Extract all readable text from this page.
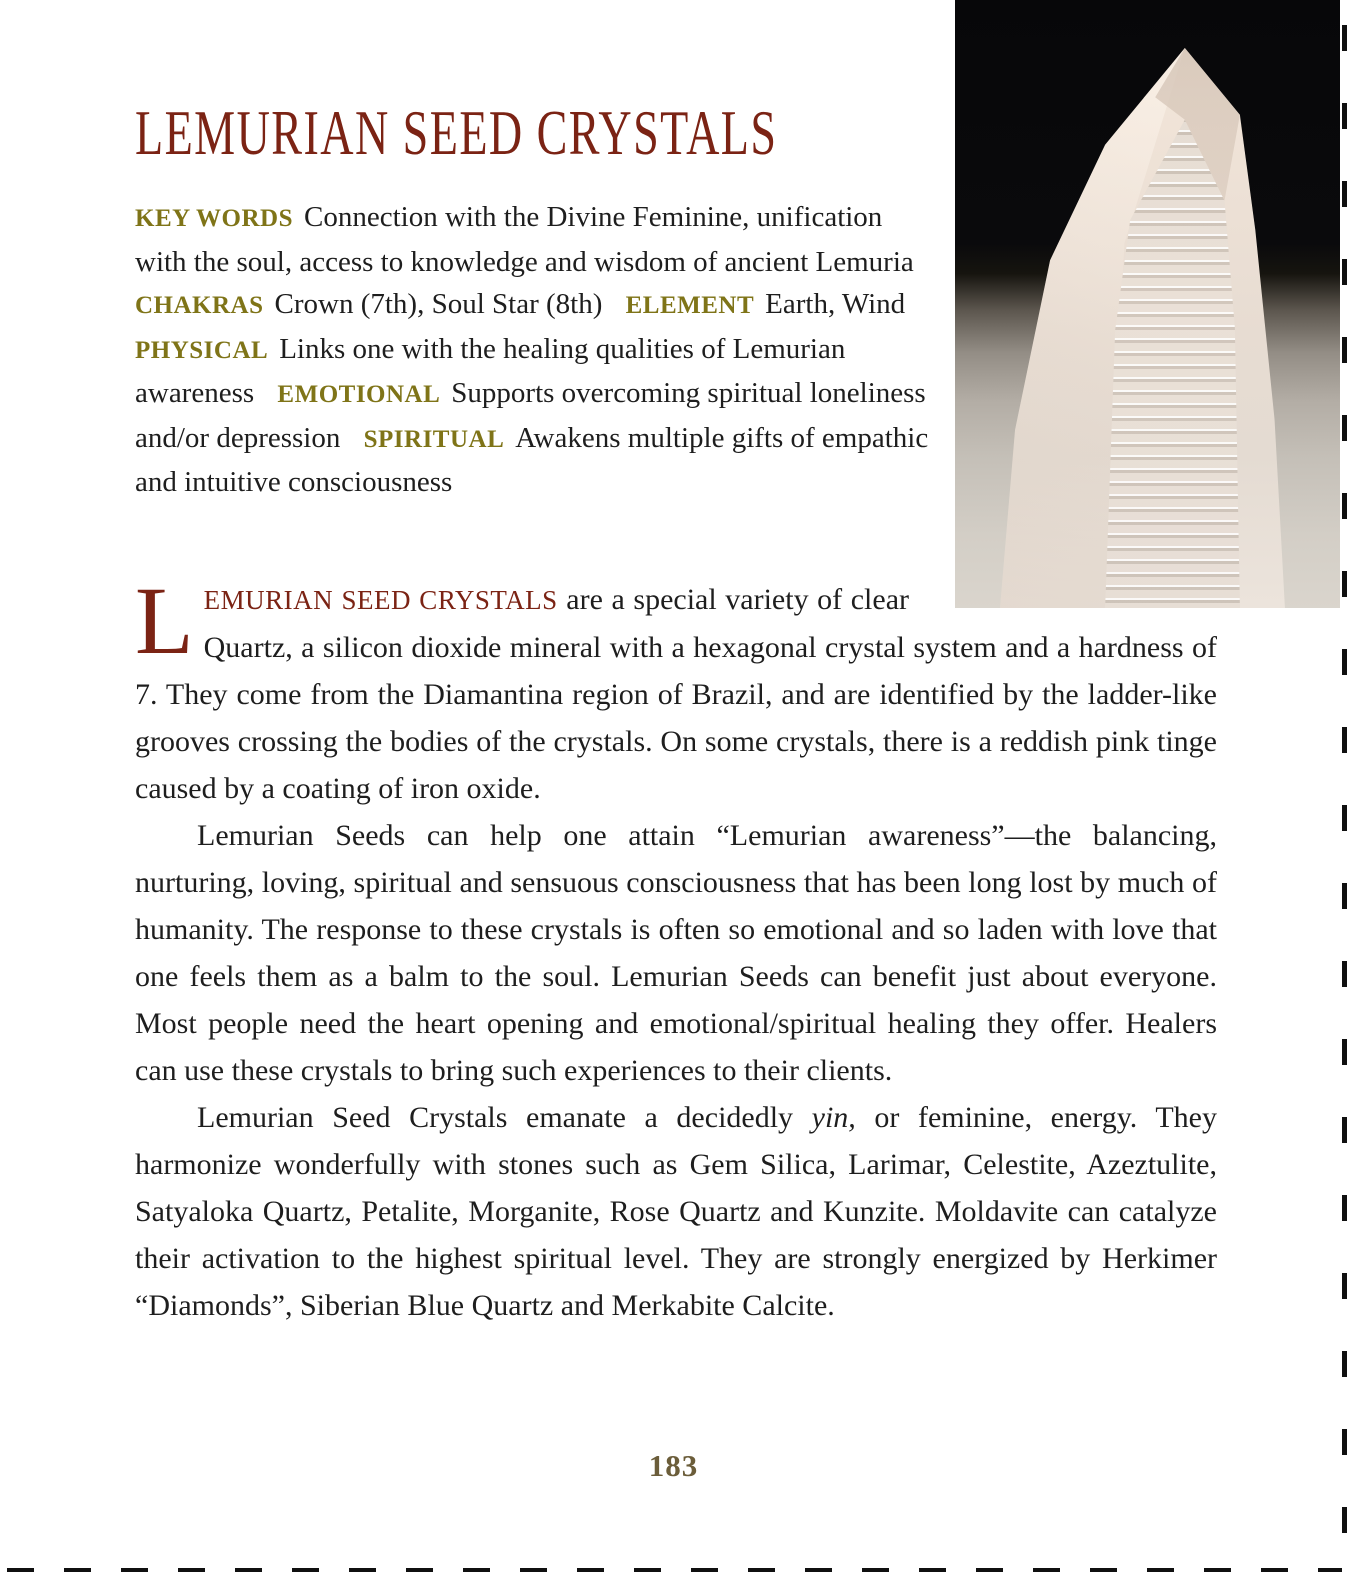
LEMURIAN SEED CRYSTALS
KEY WORDS Connection with the Divine Feminine, unification with the soul, access to knowledge and wisdom of ancient Lemuria CHAKRAS Crown (7th), Soul Star (8th) ELEMENT Earth, Wind PHYSICAL Links one with the healing qualities of Lemurian awareness EMOTIONAL Supports overcoming spiritual loneliness and/or depression SPIRITUAL Awakens multiple gifts of empathic and intuitive consciousness

LEMURIAN SEED CRYSTALS are a special variety of clear Quartz, a silicon dioxide mineral with a hexagonal crystal system and a hardness of 7. They come from the Diamantina region of Brazil, and are identified by the ladder-like grooves crossing the bodies of the crystals. On some crystals, there is a reddish pink tinge caused by a coating of iron oxide.

Lemurian Seeds can help one attain “Lemurian awareness”—the balancing, nurturing, loving, spiritual and sensuous consciousness that has been long lost by much of humanity. The response to these crystals is often so emotional and so laden with love that one feels them as a balm to the soul. Lemurian Seeds can benefit just about everyone. Most people need the heart opening and emotional/spiritual healing they offer. Healers can use these crystals to bring such experiences to their clients.

Lemurian Seed Crystals emanate a decidedly yin, or feminine, energy. They harmonize wonderfully with stones such as Gem Silica, Larimar, Celestite, Azeztulite, Satyaloka Quartz, Petalite, Morganite, Rose Quartz and Kunzite. Moldavite can catalyze their activation to the highest spiritual level. They are strongly energized by Herkimer “Diamonds”, Siberian Blue Quartz and Merkabite Calcite.

183
